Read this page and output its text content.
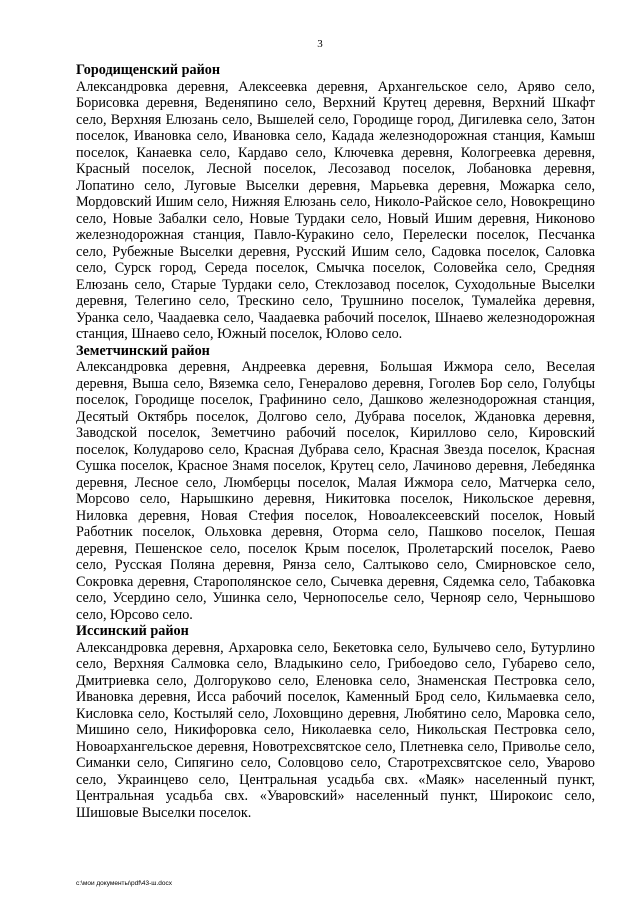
3

Городищенский район

Александровка деревня, Алексеевка деревня, Архангельское село, Аряво село, Борисовка деревня, Веденяпино село, Верхний Крутец деревня, Верхний Шкафт село, Верхняя Елюзань село, Вышелей село, Городище город, Дигилевка село, Затон поселок, Ивановка село, Ивановка село, Кадада железнодорожная станция, Камыш поселок, Канаевка село, Кардаво село, Ключевка деревня, Кологреевка деревня, Красный поселок, Лесной поселок, Лесозавод поселок, Лобановка деревня, Лопатино село, Луговые Выселки деревня, Марьевка деревня, Можарка село, Мордовский Ишим село, Нижняя Елюзань село, Николо-Райское село, Новокрещино село, Новые Забалки село, Новые Турдаки село, Новый Ишим деревня, Никоново железнодорожная станция, Павло-Куракино село, Перелески поселок, Песчанка село, Рубежные Выселки деревня, Русский Ишим село, Садовка поселок, Саловка село, Сурск город, Середа поселок, Смычка поселок, Соловейка село, Средняя Елюзань село, Старые Турдаки село, Стеклозавод поселок, Суходольные Выселки деревня, Телегино село, Трескино село, Трушнино поселок, Тумалейка деревня, Уранка село, Чаадаевка село, Чаадаевка рабочий поселок, Шнаево железнодорожная станция, Шнаево село, Южный поселок, Юлово село.

Земетчинский район

Александровка деревня, Андреевка деревня, Большая Ижмора село, Веселая деревня, Выша село, Вяземка село, Генералово деревня, Гоголев Бор село, Голубцы поселок, Городище поселок, Графинино село, Дашково железнодорожная станция, Десятый Октябрь поселок, Долгово село, Дубрава поселок, Ждановка деревня, Заводской поселок, Земетчино рабочий поселок, Кириллово село, Кировский поселок, Колударово село, Красная Дубрава село, Красная Звезда поселок, Красная Сушка поселок, Красное Знамя поселок, Крутец село, Лачиново деревня, Лебедянка деревня, Лесное село, Люмберцы поселок, Малая Ижмора село, Матчерка село, Морсово село, Нарышкино деревня, Никитовка поселок, Никольское деревня, Ниловка деревня, Новая Стефия поселок, Новоалексеевский поселок, Новый Работник поселок, Ольховка деревня, Оторма село, Пашково поселок, Пешая деревня, Пешенское село, поселок Крым поселок, Пролетарский поселок, Раево село, Русская Поляна деревня, Рянза село, Салтыково село, Смирновское село, Сокровка деревня, Старополянское село, Сычевка деревня, Сядемка село, Табаковка село, Усердино село, Ушинка село, Чернопоселье село, Чернояр село, Чернышово село, Юрсово село.

Иссинский район

Александровка деревня, Архаровка село, Бекетовка село, Булычево село, Бутурлино село, Верхняя Салмовка село, Владыкино село, Грибоедово село, Губарево село, Дмитриевка село, Долгоруково село, Еленовка село, Знаменская Пестровка село, Ивановка деревня, Исса рабочий поселок, Каменный Брод село, Кильмаевка село, Кисловка село, Костыляй село, Лоховщино деревня, Любятино село, Маровка село, Мишино село, Никифоровка село, Николаевка село, Никольская Пестровка село, Новоархангельское деревня, Новотрехсвятское село, Плетневка село, Приволье село, Симанки село, Сипягино село, Соловцово село, Старотрехсвятское село, Уварово село, Украинцево село, Центральная усадьба свх. «Маяк» населенный пункт, Центральная усадьба свх. «Уваровский» населенный пункт, Широкоис село, Шишовые Выселки поселок.

c:\мои документы\pdf\43-ш.docx
